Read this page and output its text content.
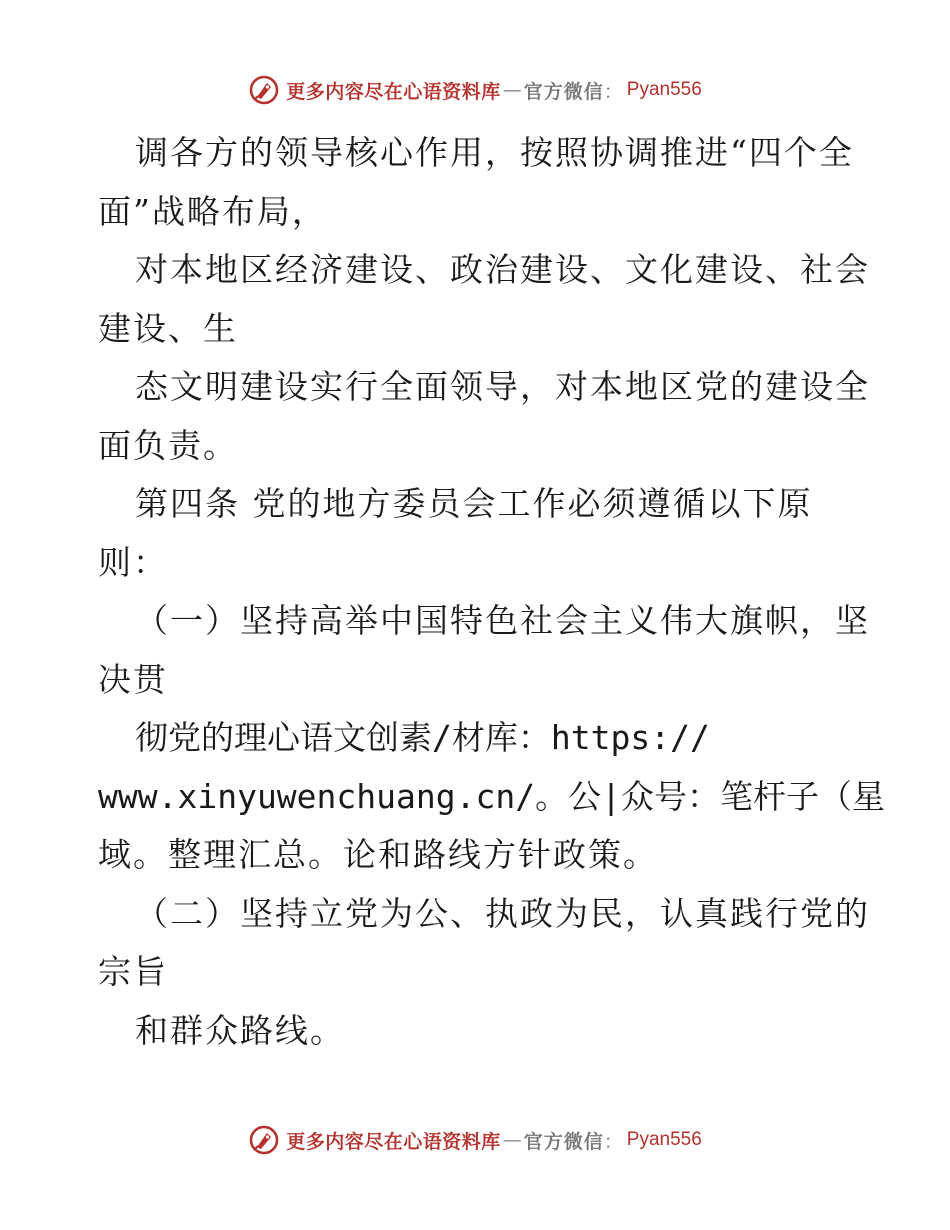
更多内容尽在心语资料库 — 官方微信 ： Pyan556
调各方的领导核心作用，按照协调推进“四个全
面”战略布局，
对本地区经济建设、政治建设、文化建设、社会
建设、生
态文明建设实行全面领导，对本地区党的建设全
面负责。
第四条 党的地方委员会工作必须遵循以下原
则：
（一）坚持高举中国特色社会主义伟大旗帜，坚
决贯
彻党的理心语文创素/材库：https://
www.xinyuwenchuang.cn/。公|众号：笔杆子（星
域。整理汇总。论和路线方针政策。
（二）坚持立党为公、执政为民，认真践行党的
宗旨
和群众路线。
更多内容尽在心语资料库 — 官方微信 ： Pyan556
